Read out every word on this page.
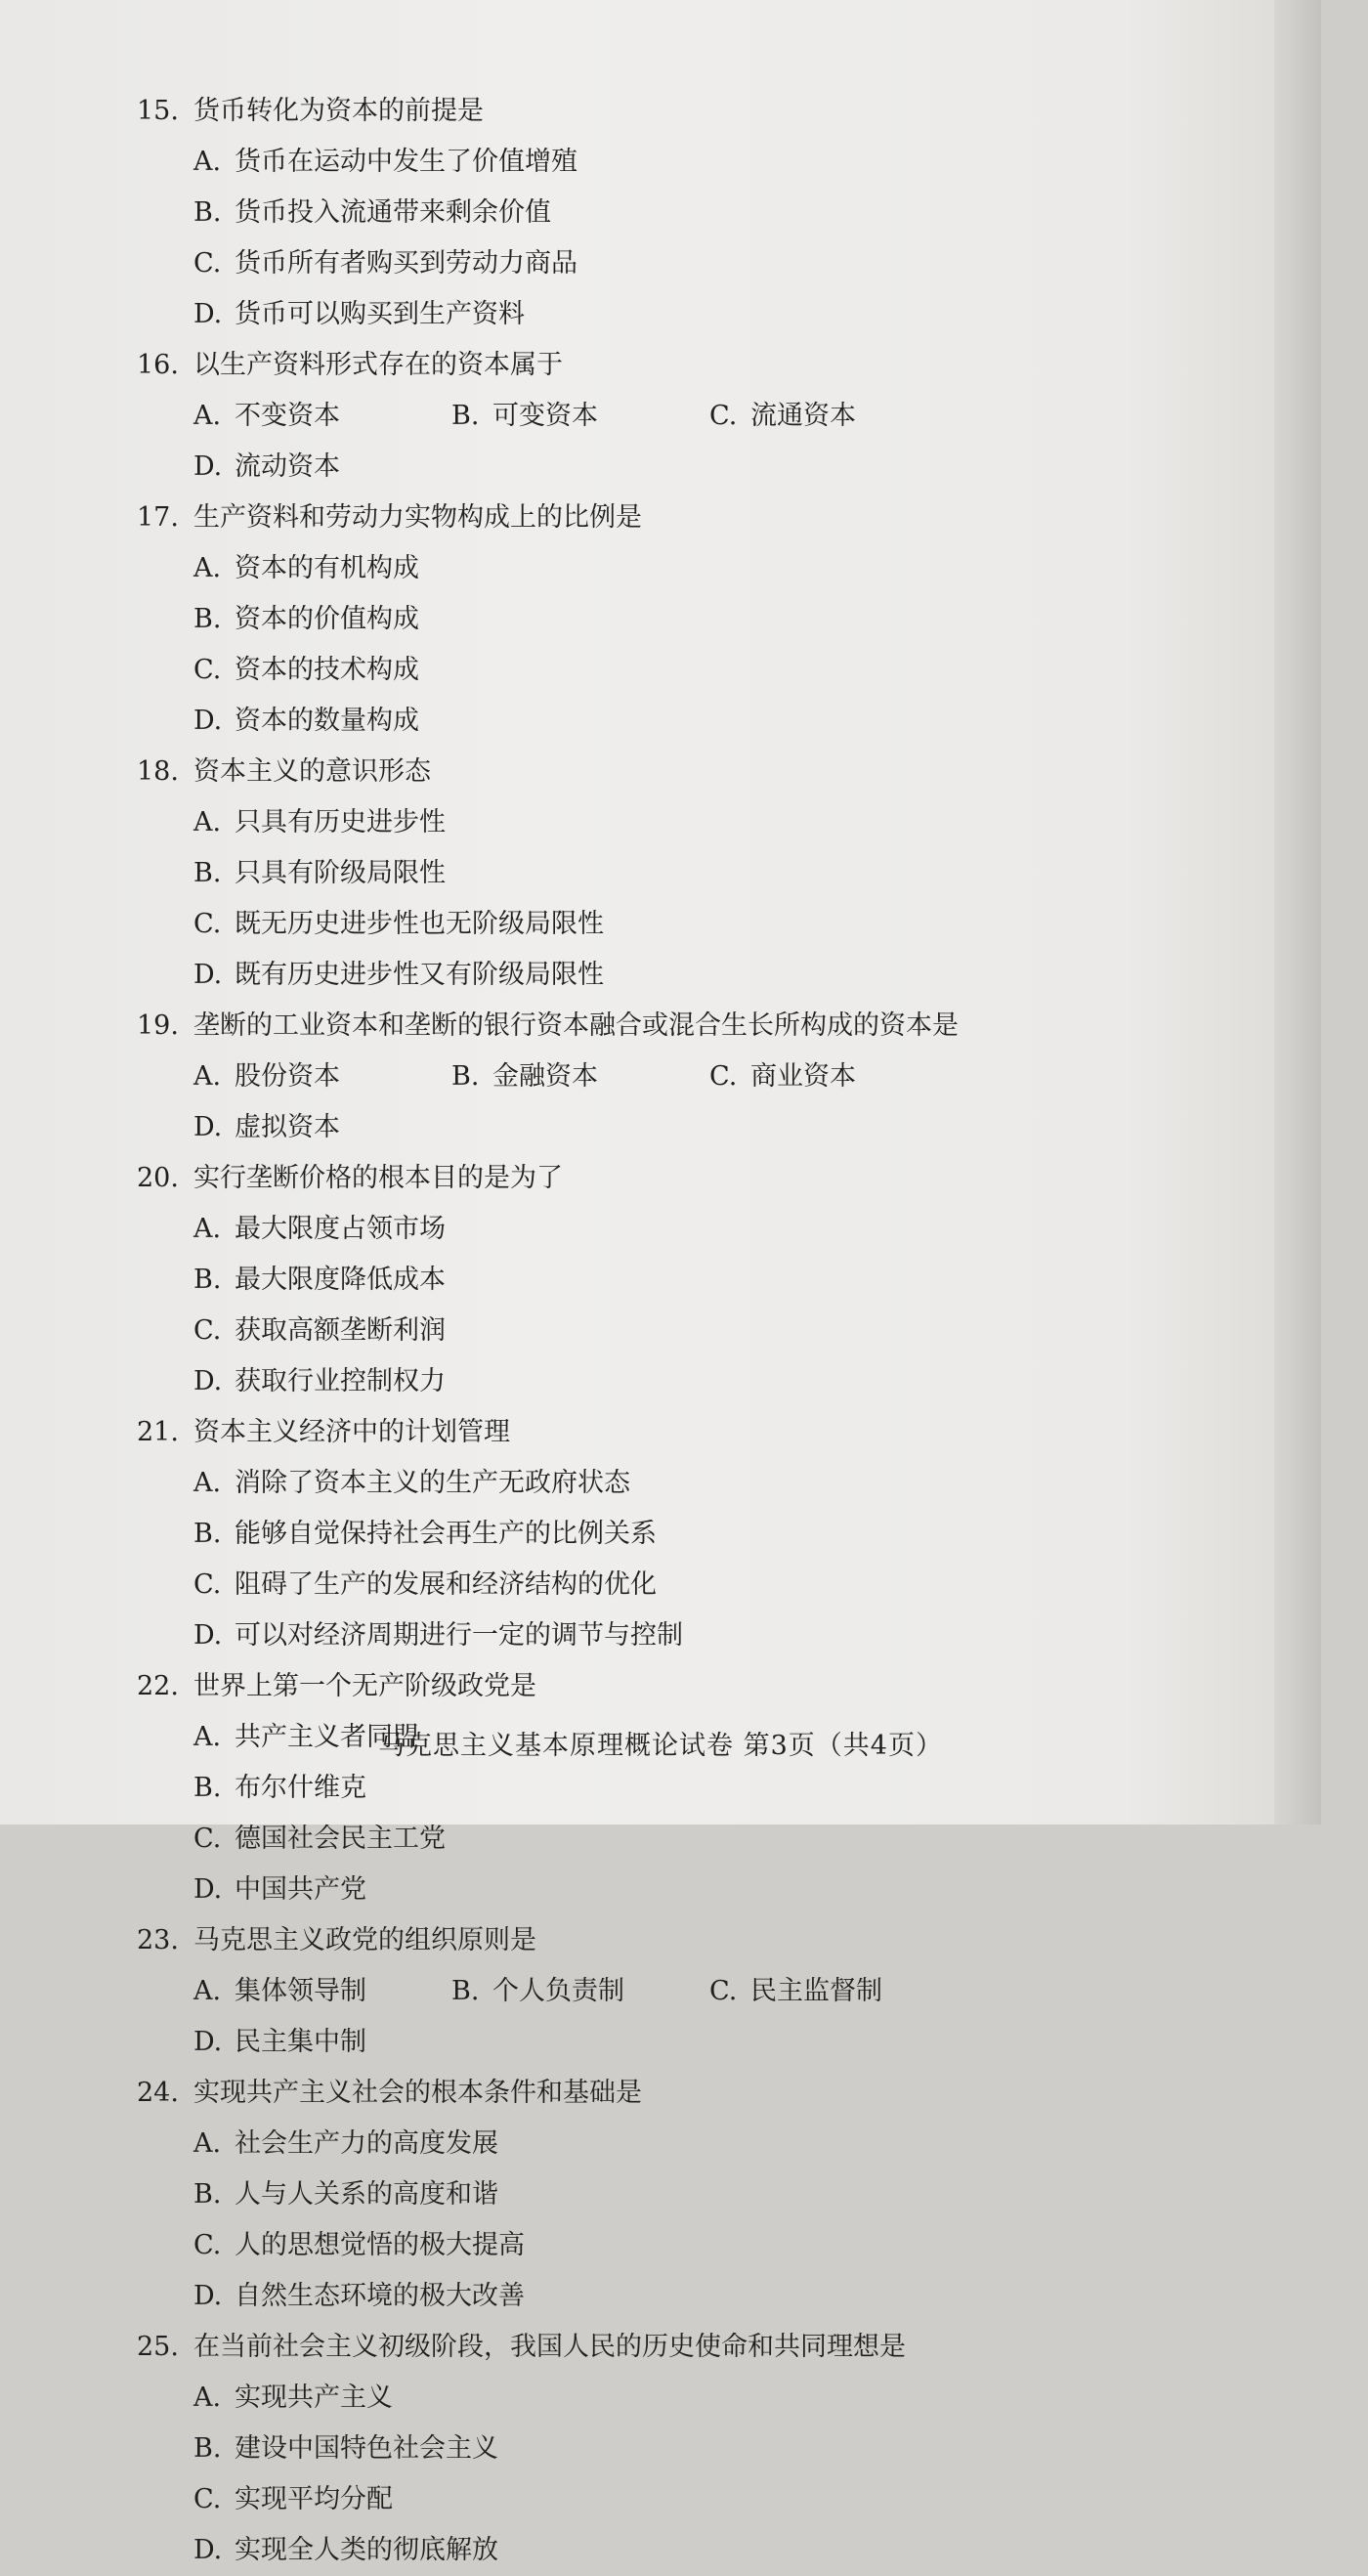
15. 货币转化为资本的前提是
A. 货币在运动中发生了价值增殖
B. 货币投入流通带来剩余价值
C. 货币所有者购买到劳动力商品
D. 货币可以购买到生产资料
16. 以生产资料形式存在的资本属于
A. 不变资本	B. 可变资本	C. 流通资本
D. 流动资本
17. 生产资料和劳动力实物构成上的比例是
A. 资本的有机构成
B. 资本的价值构成
C. 资本的技术构成
D. 资本的数量构成
18. 资本主义的意识形态
A. 只具有历史进步性
B. 只具有阶级局限性
C. 既无历史进步性也无阶级局限性
D. 既有历史进步性又有阶级局限性
19. 垄断的工业资本和垄断的银行资本融合或混合生长所构成的资本是
A. 股份资本	B. 金融资本	C. 商业资本
D. 虚拟资本
20. 实行垄断价格的根本目的是为了
A. 最大限度占领市场
B. 最大限度降低成本
C. 获取高额垄断利润
D. 获取行业控制权力
21. 资本主义经济中的计划管理
A. 消除了资本主义的生产无政府状态
B. 能够自觉保持社会再生产的比例关系
C. 阻碍了生产的发展和经济结构的优化
D. 可以对经济周期进行一定的调节与控制
22. 世界上第一个无产阶级政党是
A. 共产主义者同盟
B. 布尔什维克
C. 德国社会民主工党
D. 中国共产党
23. 马克思主义政党的组织原则是
A. 集体领导制	B. 个人负责制	C. 民主监督制
D. 民主集中制
24. 实现共产主义社会的根本条件和基础是
A. 社会生产力的高度发展
B. 人与人关系的高度和谐
C. 人的思想觉悟的极大提高
D. 自然生态环境的极大改善
25. 在当前社会主义初级阶段，我国人民的历史使命和共同理想是
A. 实现共产主义
B. 建设中国特色社会主义
C. 实现平均分配
D. 实现全人类的彻底解放
马克思主义基本原理概论试卷 第3页（共4页）
